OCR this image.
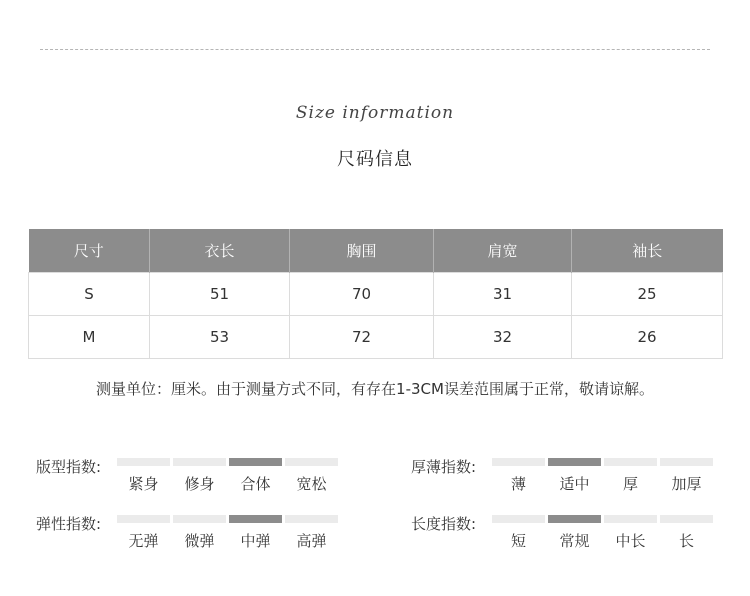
Size information
尺码信息
尺寸	衣长	胸围	肩宽	袖长
S	51	70	31	25
M	53	72	32	26
测量单位：厘米。由于测量方式不同，有存在1-3CM误差范围属于正常，敬请谅解。
版型指数:
紧身	修身	合体	宽松
厚薄指数:
薄	适中	厚	加厚
弹性指数:
无弹	微弹	中弹	高弹
长度指数:
短	常规	中长	长
